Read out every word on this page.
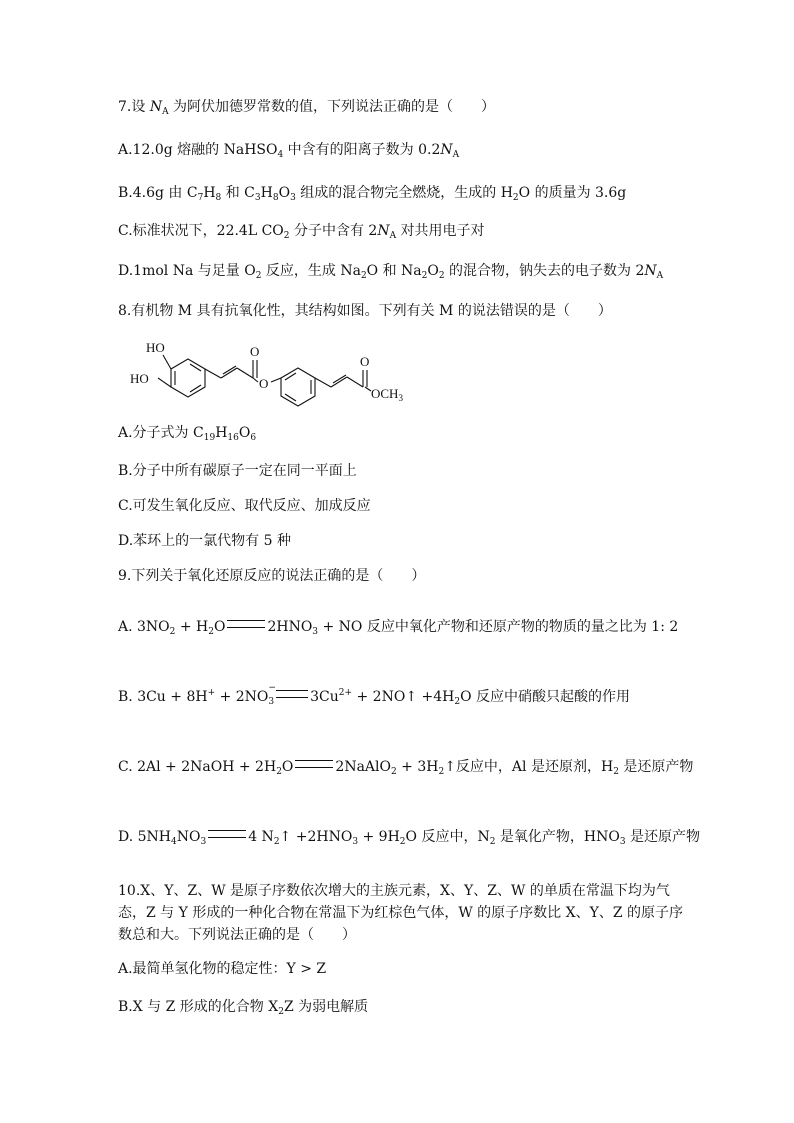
7.设 $N_A$ 为阿伏加德罗常数的值，下列说法正确的是（　　）
A.12.0g 熔融的 NaHSO$_4$ 中含有的阳离子数为 $0.2N_A$
B.4.6g 由 $C_7H_8$ 和 $C_3H_8O_3$ 组成的混合物完全燃烧，生成的 $H_2O$ 的质量为 3.6g
C.标准状况下，22.4L $CO_2$ 分子中含有 $2N_A$ 对共用电子对
D.1mol Na 与足量 $O_2$ 反应，生成 $Na_2O$ 和 $Na_2O_2$ 的混合物，钠失去的电子数为 $2N_A$
8.有机物 M 具有抗氧化性，其结构如图。下列有关 M 的说法错误的是（　　）
HO
HO
O
O
O
$OCH_3$
A.分子式为 $C_{19}H_{16}O_6$
B.分子中所有碳原子一定在同一平面上
C.可发生氧化反应、取代反应、加成反应
D.苯环上的一氯代物有 5 种
9.下列关于氧化还原反应的说法正确的是（　　）
A. $3NO_2 + H_2O$	$2HNO_3$ + NO 反应中氧化产物和还原产物的物质的量之比为 1: 2
B. $3Cu + 8H^+ + 2NO_3$
−
$3Cu^{2+}$ + 2NO↑ $+4H_2O$ 反应中硝酸只起酸的作用
C. 2Al + 2NaOH + $2H_2O$	2NaAlO$_2$ + $3H_2↑$反应中，Al 是还原剂，$H_2$ 是还原产物
D. $5NH_4NO_3$	4 $N_2↑ +2HNO_3 + 9H_2O$ 反应中，$N_2$ 是氧化产物，$HNO_3$ 是还原产物
10.X、Y、Z、W 是原子序数依次增大的主族元素，X、Y、Z、W 的单质在常温下均为气态，Z 与 Y 形成的一种化合物在常温下为红棕色气体，W 的原子序数比 X、Y、Z 的原子序数总和大。下列说法正确的是（　　）
A.最简单氢化物的稳定性：Y > Z
B.X 与 Z 形成的化合物 $X_2Z$ 为弱电解质
